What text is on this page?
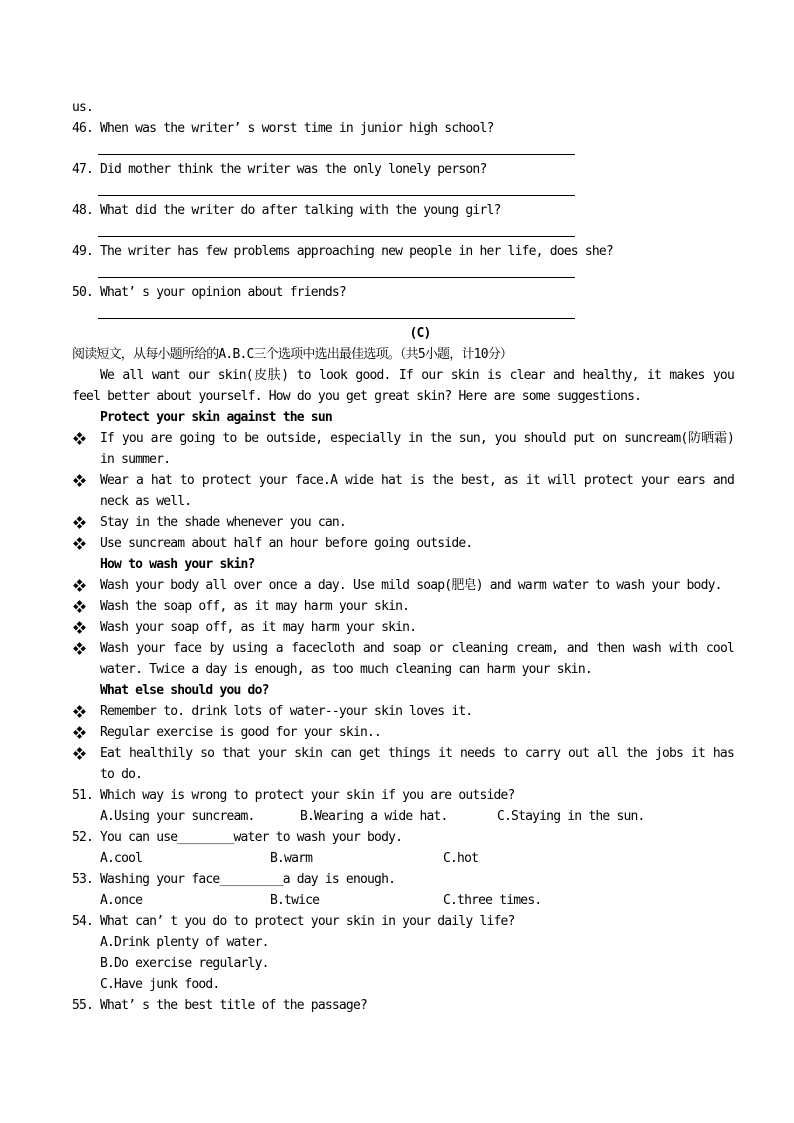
us.
46. When was the writer’ s worst time in junior high school?
47. Did mother think the writer was the only lonely person?
48. What did the writer do after talking with the young girl?
49. The writer has few problems approaching new people in her life, does she?
50. What’ s your opinion about friends?
(C)
阅读短文，从每小题所给的A.B.C三个选项中选出最佳选项。（共5小题，计10分）
We all want our skin(皮肤) to look good. If our skin is clear and healthy, it makes you feel better about yourself. How do you get great skin? Here are some suggestions.
Protect your skin against the sun
If you are going to be outside, especially in the sun, you should put on suncream(防晒霜) in summer.
Wear a hat to protect your face.A wide hat is the best, as it will protect your ears and neck as well.
Stay in the shade whenever you can.
Use suncream about half an hour before going outside.
How to wash your skin?
Wash your body all over once a day. Use mild soap(肥皂) and warm water to wash your body.
Wash the soap off, as it may harm your skin.
Wash your soap off, as it may harm your skin.
Wash your face by using a facecloth and soap or cleaning cream, and then wash with cool water. Twice a day is enough, as too much cleaning can harm your skin.
What else should you do?
Remember to. drink lots of water--your skin loves it.
Regular exercise is good for your skin..
Eat healthily so that your skin can get things it needs to carry out all the jobs it has to do.
51. Which way is wrong to protect your skin if you are outside?
A.Using your suncream.	B.Wearing a wide hat.	C.Staying in the sun.
52. You can use________water to wash your body.
A.cool	B.warm	C.hot
53. Washing your face_________a day is enough.
A.once	B.twice	C.three times.
54. What can’ t you do to protect your skin in your daily life?
A.Drink plenty of water.
B.Do exercise regularly.
C.Have junk food.
55. What’ s the best title of the passage?
